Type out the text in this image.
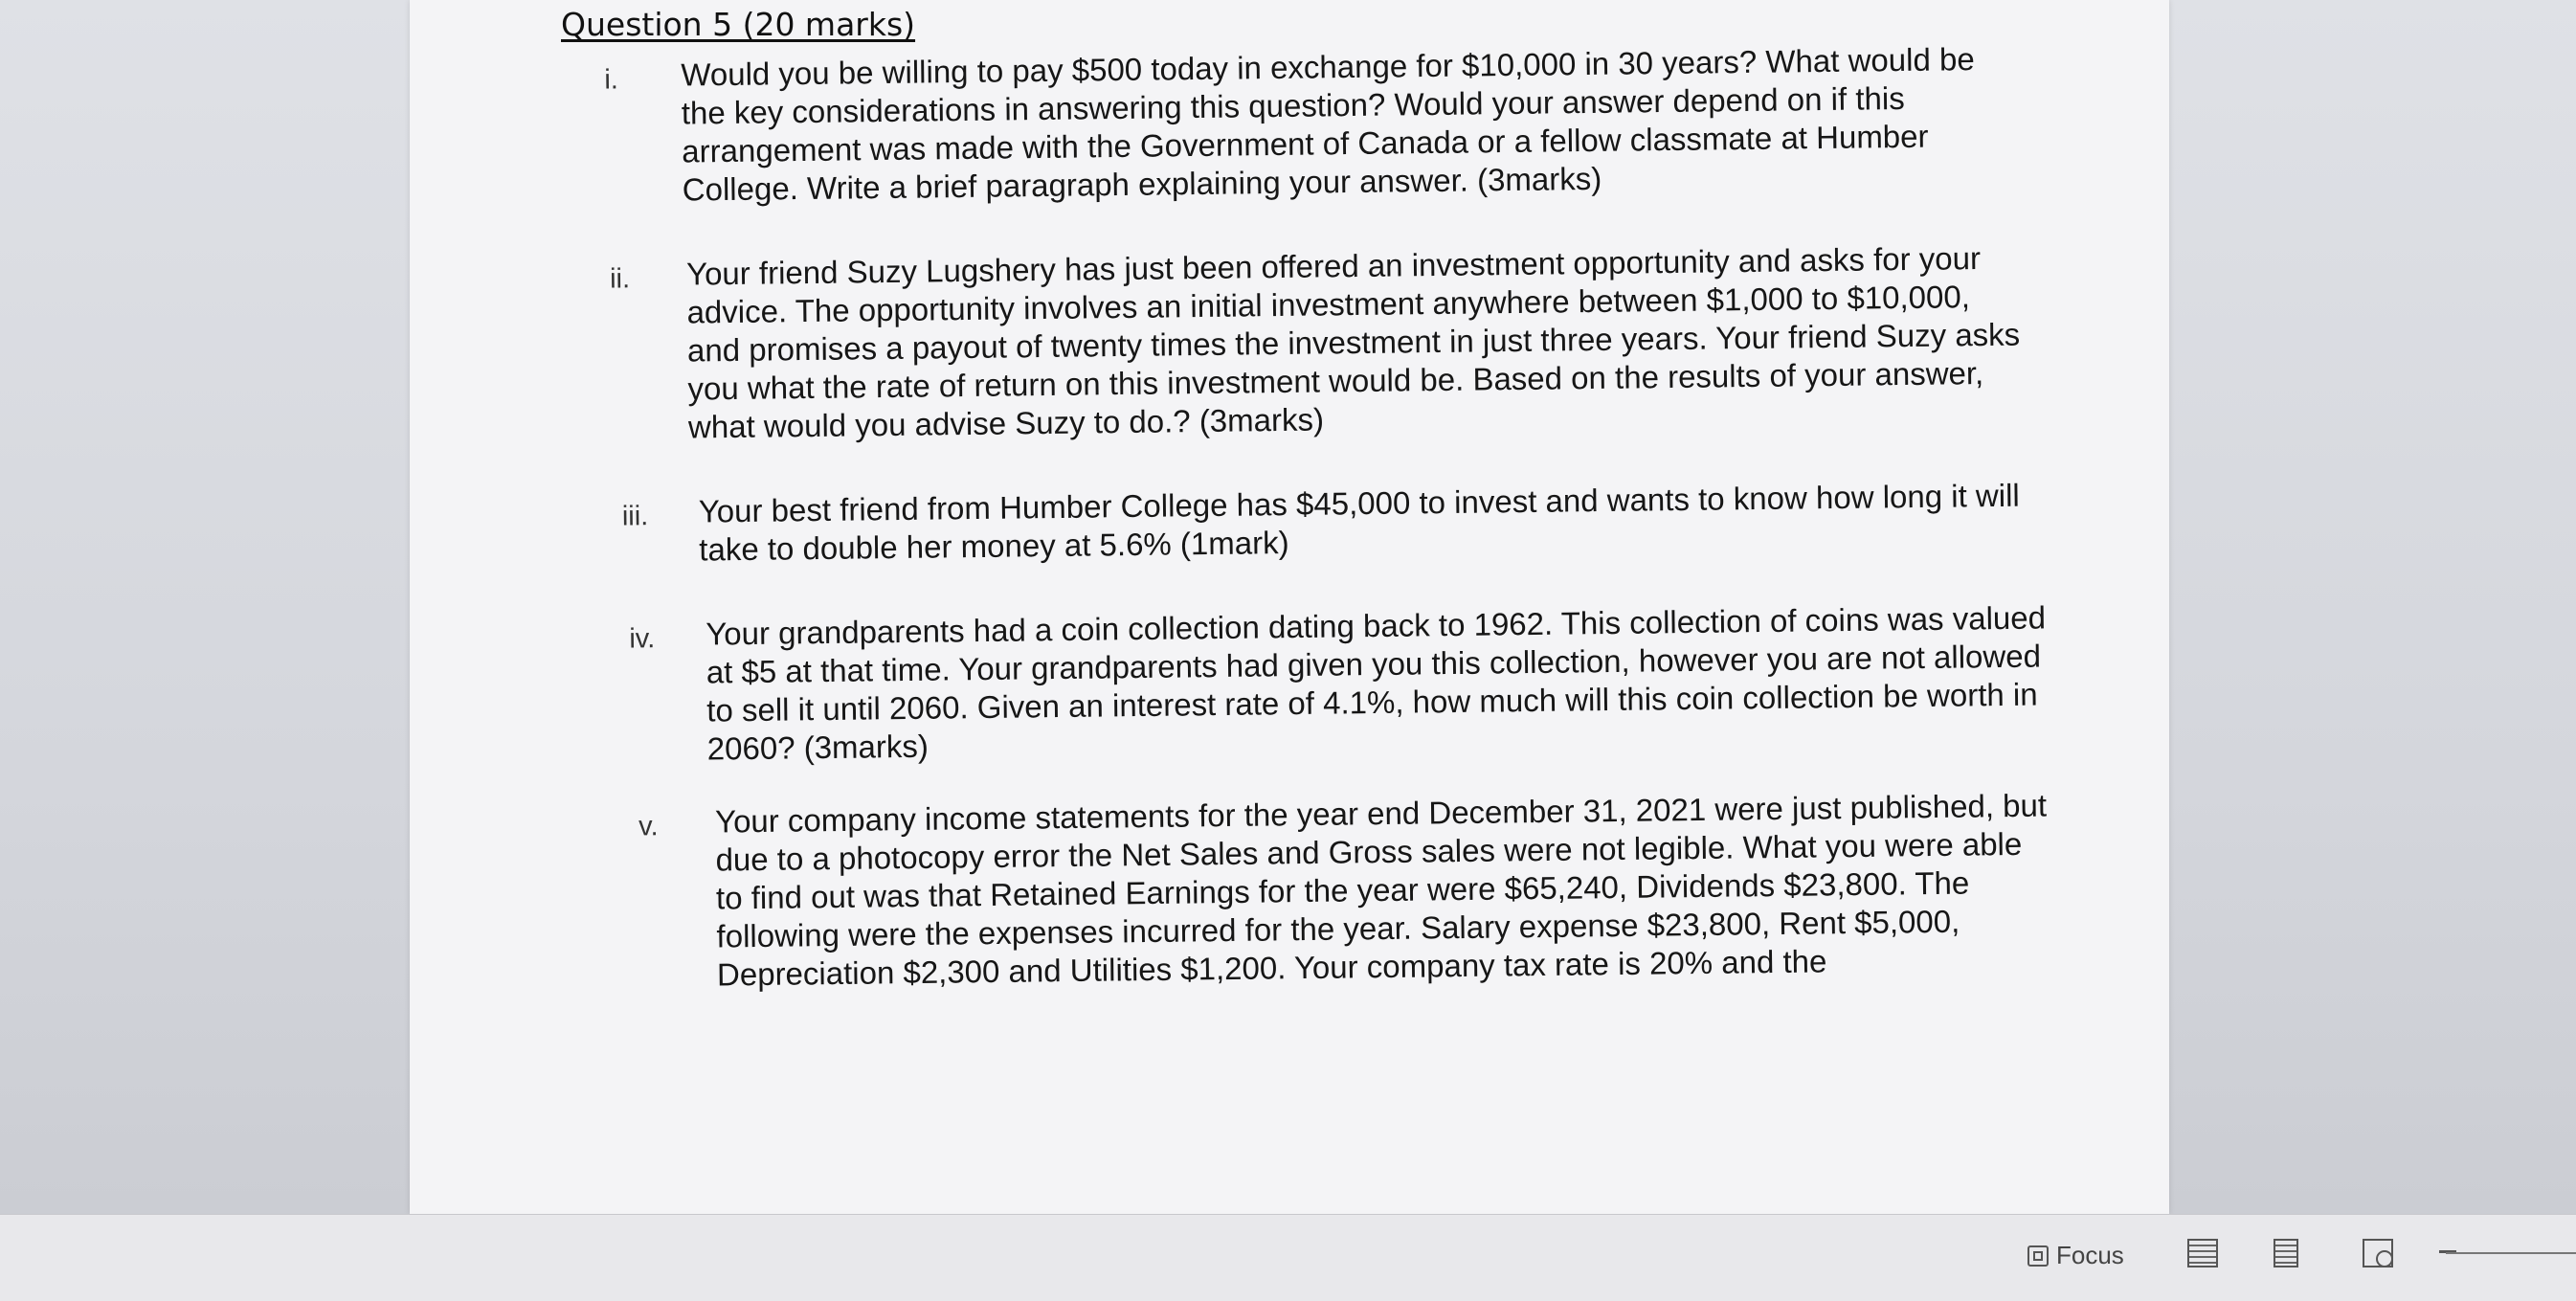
Question 5 (20 marks)
i. Would you be willing to pay $500 today in exchange for $10,000 in 30 years? What would be the key considerations in answering this question? Would your answer depend on if this arrangement was made with the Government of Canada or a fellow classmate at Humber College. Write a brief paragraph explaining your answer. (3marks)
ii. Your friend Suzy Lugshery has just been offered an investment opportunity and asks for your advice. The opportunity involves an initial investment anywhere between $1,000 to $10,000, and promises a payout of twenty times the investment in just three years. Your friend Suzy asks you what the rate of return on this investment would be. Based on the results of your answer, what would you advise Suzy to do.? (3marks)
iii. Your best friend from Humber College has $45,000 to invest and wants to know how long it will take to double her money at 5.6% (1mark)
iv. Your grandparents had a coin collection dating back to 1962. This collection of coins was valued at $5 at that time. Your grandparents had given you this collection, however you are not allowed to sell it until 2060. Given an interest rate of 4.1%, how much will this coin collection be worth in 2060? (3marks)
v. Your company income statements for the year end December 31, 2021 were just published, but due to a photocopy error the Net Sales and Gross sales were not legible. What you were able to find out was that Retained Earnings for the year were $65,240, Dividends $23,800. The following were the expenses incurred for the year. Salary expense $23,800, Rent $5,000, Depreciation $2,300 and Utilities $1,200. Your company tax rate is 20% and the
Focus
